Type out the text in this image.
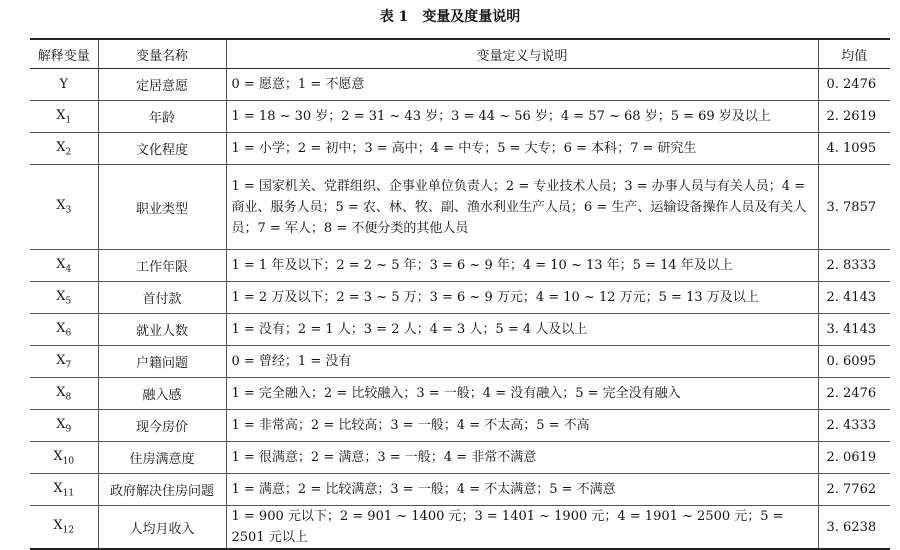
表 1 变量及度量说明
解释变量	变量名称	变量定义与说明	均值
Y	定居意愿	0 = 愿意；1 = 不愿意	0. 2476
$X_1$	年龄	1 = 18 ~ 30 岁；2 = 31 ~ 43 岁；3 = 44 ~ 56 岁；4 = 57 ~ 68 岁；5 = 69 岁及以上	2. 2619
$X_2$	文化程度	1 = 小学；2 = 初中；3 = 高中；4 = 中专；5 = 大专；6 = 本科；7 = 研究生	4. 1095
$X_3$	职业类型	1 = 国家机关、党群组织、企事业单位负责人；2 = 专业技术人员；3 = 办事人员与有关人员；4 = 商业、服务人员；5 = 农、林、牧、副、渔水利业生产人员；6 = 生产、运输设备操作人员及有关人员；7 = 军人；8 = 不便分类的其他人员	3. 7857
$X_4$	工作年限	1 = 1 年及以下；2 = 2 ~ 5 年；3 = 6 ~ 9 年；4 = 10 ~ 13 年；5 = 14 年及以上	2. 8333
$X_5$	首付款	1 = 2 万及以下；2 = 3 ~ 5 万；3 = 6 ~ 9 万元；4 = 10 ~ 12 万元；5 = 13 万及以上	2. 4143
$X_6$	就业人数	1 = 没有；2 = 1 人；3 = 2 人；4 = 3 人；5 = 4 人及以上	3. 4143
$X_7$	户籍问题	0 = 曾经；1 = 没有	0. 6095
$X_8$	融入感	1 = 完全融入；2 = 比较融入；3 = 一般；4 = 没有融入；5 = 完全没有融入	2. 2476
$X_9$	现今房价	1 = 非常高；2 = 比较高；3 = 一般；4 = 不太高；5 = 不高	2. 4333
$X_{10}$	住房满意度	1 = 很满意；2 = 满意；3 = 一般；4 = 非常不满意	2. 0619
$X_{11}$	政府解决住房问题	1 = 满意；2 = 比较满意；3 = 一般；4 = 不太满意；5 = 不满意	2. 7762
$X_{12}$	人均月收入	1 = 900 元以下；2 = 901 ~ 1400 元；3 = 1401 ~ 1900 元；4 = 1901 ~ 2500 元；5 = 2501 元以上	3. 6238
